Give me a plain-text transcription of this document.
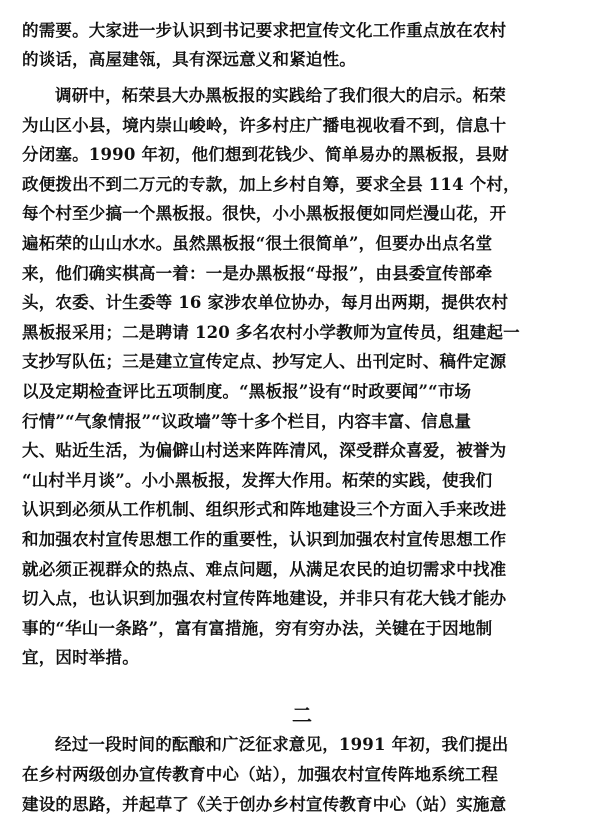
的需要。大家进一步认识到书记要求把宣传文化工作重点放在农村
的谈话，高屋建瓴，具有深远意义和紧迫性。
调研中，柘荣县大办黑板报的实践给了我们很大的启示。柘荣
为山区小县，境内崇山峻岭，许多村庄广播电视收看不到，信息十
分闭塞。1990 年初，他们想到花钱少、简单易办的黑板报，县财
政便拨出不到二万元的专款，加上乡村自筹，要求全县 114 个村，
每个村至少搞一个黑板报。很快，小小黑板报便如同烂漫山花，开
遍柘荣的山山水水。虽然黑板报“很土很简单”，但要办出点名堂
来，他们确实棋高一着：一是办黑板报“母报”，由县委宣传部牵
头，农委、计生委等 16 家涉农单位协办，每月出两期，提供农村
黑板报采用；二是聘请 120 多名农村小学教师为宣传员，组建起一
支抄写队伍；三是建立宣传定点、抄写定人、出刊定时、稿件定源
以及定期检查评比五项制度。“黑板报”设有“时政要闻”“市场
行情”“气象情报”“议政墙”等十多个栏目，内容丰富、信息量
大、贴近生活，为偏僻山村送来阵阵清风，深受群众喜爱，被誉为
“山村半月谈”。小小黑板报，发挥大作用。柘荣的实践，使我们
认识到必须从工作机制、组织形式和阵地建设三个方面入手来改进
和加强农村宣传思想工作的重要性，认识到加强农村宣传思想工作
就必须正视群众的热点、难点问题，从满足农民的迫切需求中找准
切入点，也认识到加强农村宣传阵地建设，并非只有花大钱才能办
事的“华山一条路”，富有富措施，穷有穷办法，关键在于因地制
宜，因时举措。
二
经过一段时间的酝酿和广泛征求意见，1991 年初，我们提出
在乡村两级创办宣传教育中心（站），加强农村宣传阵地系统工程
建设的思路，并起草了《关于创办乡村宣传教育中心（站）实施意
